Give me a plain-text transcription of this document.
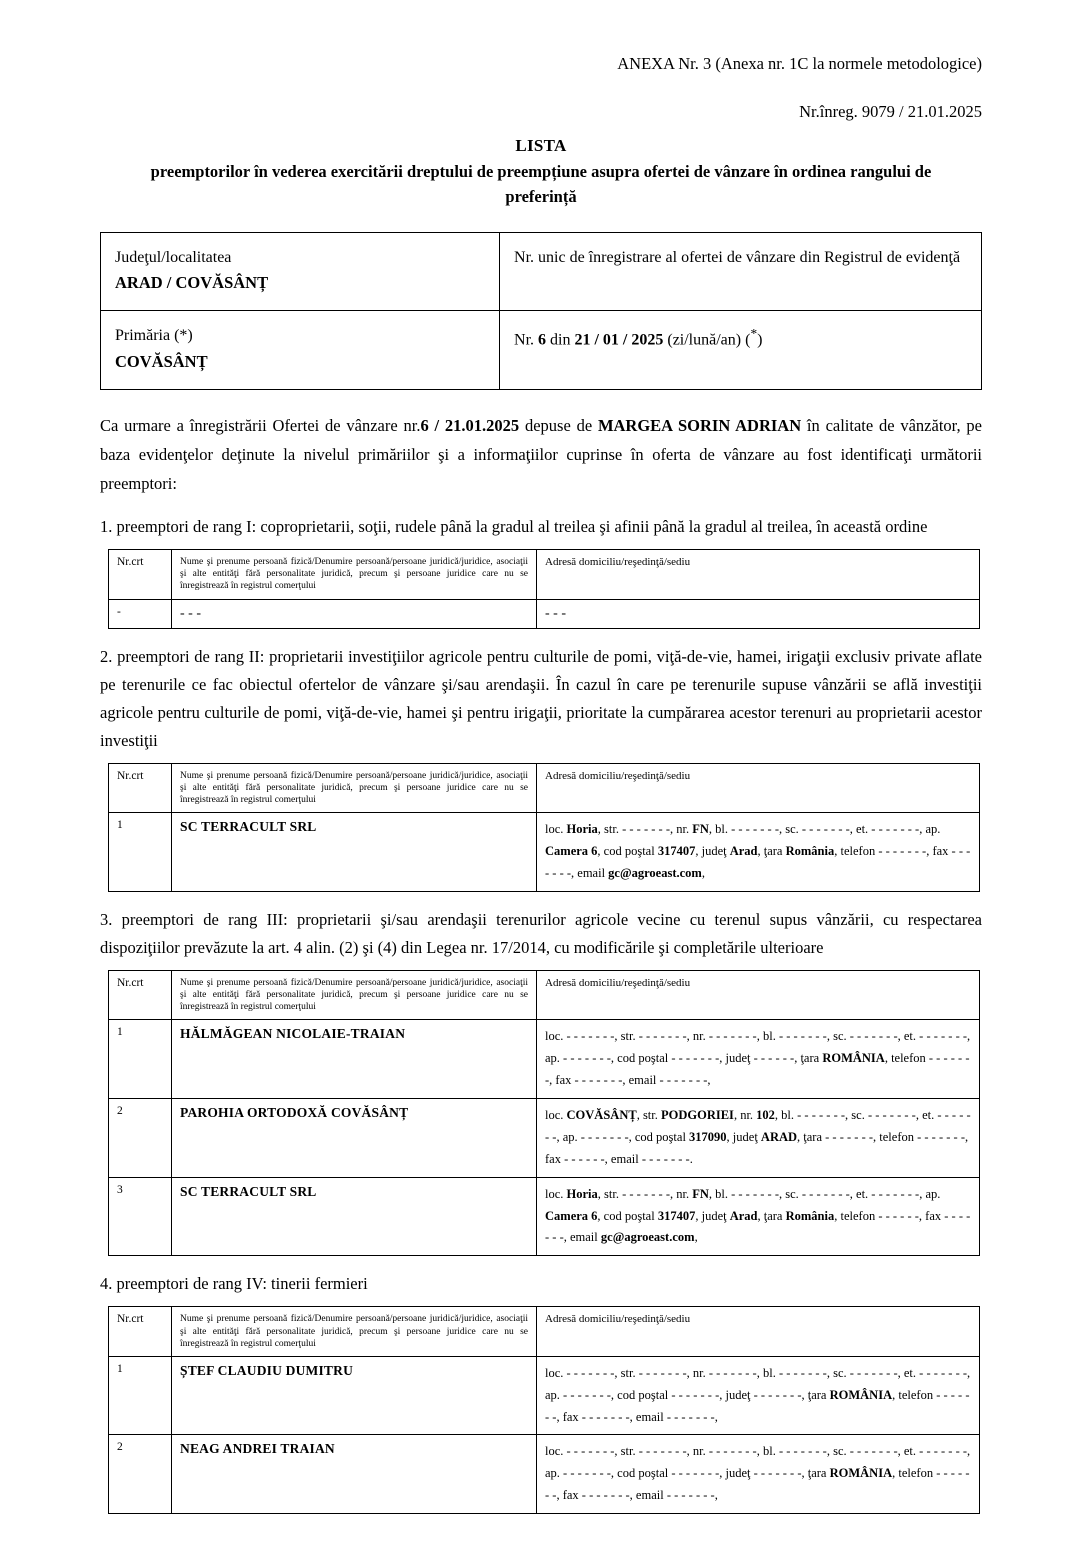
ANEXA Nr. 3 (Anexa nr. 1C la normele metodologice)
Nr.înreg. 9079 / 21.01.2025
LISTA
preemptorilor în vederea exercitării dreptului de preempțiune asupra ofertei de vânzare în ordinea rangului de preferință
Judeţul/localitatea
ARAD / COVĂSÂNȚ	Nr. unic de înregistrare al ofertei de vânzare din Registrul de evidenţă

Primăria (*)
COVĂSÂNȚ	Nr. 6 din 21 / 01 / 2025 (zi/lună/an) (*)
Ca urmare a înregistrării Ofertei de vânzare nr.6 / 21.01.2025 depuse de MARGEA SORIN ADRIAN în calitate de vânzător, pe baza evidenţelor deţinute la nivelul primăriilor şi a informaţiilor cuprinse în oferta de vânzare au fost identificaţi următorii preemptori:
1. preemptori de rang I: coproprietarii, soţii, rudele până la gradul al treilea şi afinii până la gradul al treilea, în această ordine
Nr.crt	Nume şi prenume persoană fizică/Denumire persoană/persoane juridică/juridice, asociaţii şi alte entităţi fără personalitate juridică, precum şi persoane juridice care nu se înregistrează în registrul comerţului	Adresă domiciliu/reşedinţă/sediu
-	- - -	- - -
2. preemptori de rang II: proprietarii investiţiilor agricole pentru culturile de pomi, viţă-de-vie, hamei, irigaţii exclusiv private aflate pe terenurile ce fac obiectul ofertelor de vânzare şi/sau arendaşii. În cazul în care pe terenurile supuse vânzării se află investiţii agricole pentru culturile de pomi, viţă-de-vie, hamei şi pentru irigaţii, prioritate la cumpărarea acestor terenuri au proprietarii acestor investiţii
Nr.crt	Nume şi prenume persoană fizică/Denumire persoană/persoane juridică/juridice, asociaţii şi alte entităţi fără personalitate juridică, precum şi persoane juridice care nu se înregistrează în registrul comerţului	Adresă domiciliu/reşedinţă/sediu
1	SC TERRACULT SRL	loc. Horia, str. - - - - - - -, nr. FN, bl. - - - - - - -, sc. - - - - - - -, et. - - - - - - -, ap. Camera 6, cod poştal 317407, judeţ Arad, ţara România, telefon - - - - - - -, fax - - - - - - -, email gc@agroeast.com,
3. preemptori de rang III: proprietarii şi/sau arendaşii terenurilor agricole vecine cu terenul supus vânzării, cu respectarea dispoziţiilor prevăzute la art. 4 alin. (2) şi (4) din Legea nr. 17/2014, cu modificările şi completările ulterioare
Nr.crt	Nume şi prenume persoană fizică/Denumire persoană/persoane juridică/juridice, asociaţii şi alte entităţi fără personalitate juridică, precum şi persoane juridice care nu se înregistrează în registrul comerţului	Adresă domiciliu/reşedinţă/sediu
1	HĂLMĂGEAN NICOLAIE-TRAIAN	loc. - - - - - - -, str. - - - - - - -, nr. - - - - - - -, bl. - - - - - - -, sc. - - - - - - -, et. - - - - - - -, ap. - - - - - - -, cod poştal - - - - - - -, judeţ - - - - - -, ţara ROMÂNIA, telefon - - - - - - -, fax - - - - - - -, email - - - - - - -,
2	PAROHIA ORTODOXĂ COVĂSÂNȚ	loc. COVĂSÂNȚ, str. PODGORIEI, nr. 102, bl. - - - - - - -, sc. - - - - - - -, et. - - - - - - -, ap. - - - - - - -, cod poştal 317090, judeţ ARAD, ţara - - - - - - -, telefon - - - - - - -, fax - - - - - -, email - - - - - - -.
3	SC TERRACULT SRL	loc. Horia, str. - - - - - - -, nr. FN, bl. - - - - - - -, sc. - - - - - - -, et. - - - - - - -, ap. Camera 6, cod poştal 317407, judeţ Arad, ţara România, telefon - - - - - -, fax - - - - - - -, email gc@agroeast.com,
4. preemptori de rang IV: tinerii fermieri
Nr.crt	Nume şi prenume persoană fizică/Denumire persoană/persoane juridică/juridice, asociaţii şi alte entităţi fără personalitate juridică, precum şi persoane juridice care nu se înregistrează în registrul comerţului	Adresă domiciliu/reşedinţă/sediu
1	ȘTEF CLAUDIU DUMITRU	loc. - - - - - - -, str. - - - - - - -, nr. - - - - - - -, bl. - - - - - - -, sc. - - - - - - -, et. - - - - - - -, ap. - - - - - - -, cod poştal - - - - - - -, judeţ - - - - - - -, ţara ROMÂNIA, telefon - - - - - - -, fax - - - - - - -, email - - - - - - -,
2	NEAG ANDREI TRAIAN	loc. - - - - - - -, str. - - - - - - -, nr. - - - - - - -, bl. - - - - - - -, sc. - - - - - - -, et. - - - - - - -, ap. - - - - - - -, cod poştal - - - - - - -, judeţ - - - - - - -, ţara ROMÂNIA, telefon - - - - - - -, fax - - - - - - -, email - - - - - - -,
